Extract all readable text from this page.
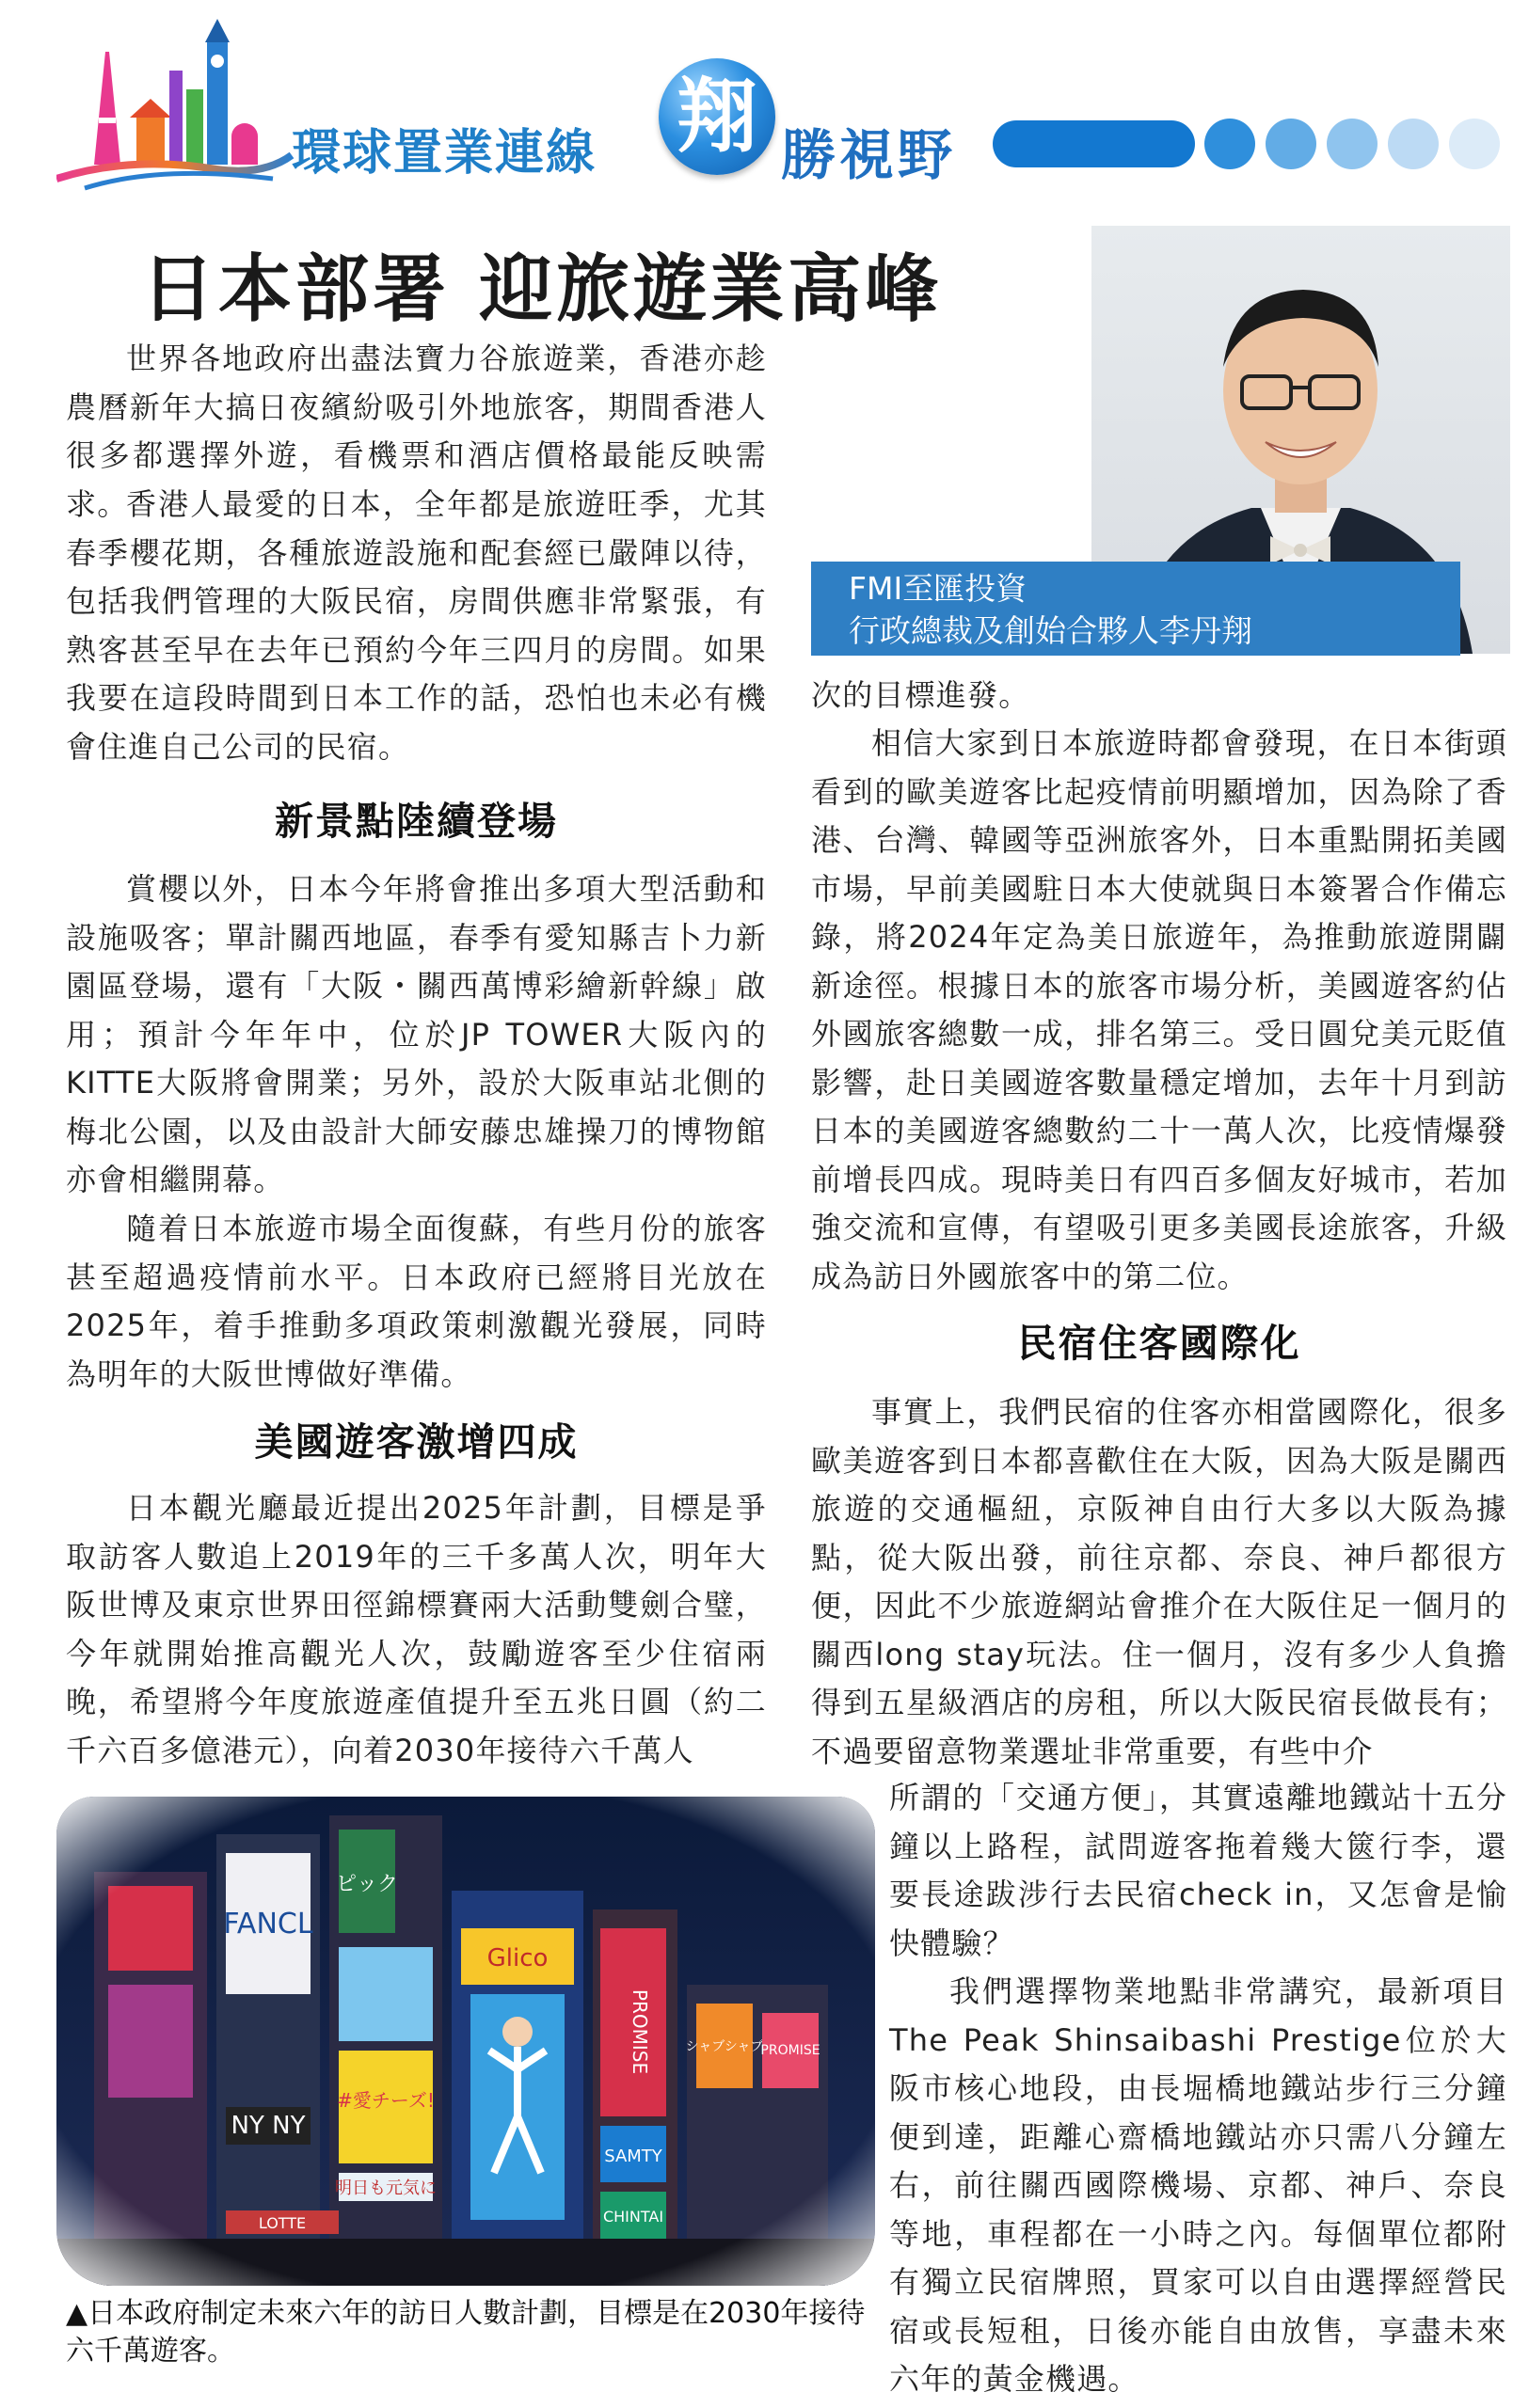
環球置業連線 翔 勝視野
日本部署 迎旅遊業高峰
FMI至匯投資
行政總裁及創始合夥人李丹翔
世界各地政府出盡法寶力谷旅遊業，香港亦趁農曆新年大搞日夜繽紛吸引外地旅客，期間香港人很多都選擇外遊，看機票和酒店價格最能反映需求。
香港人最愛的日本，全年都是旅遊旺季，尤其春季櫻花期，各種旅遊設施和配套經已嚴陣以待，包括我們管理的大阪民宿，房間供應非常緊張，有熟客甚至早在去年已預約今年三四月的房間。如果我要在這段時間到日本工作的話，恐怕也未必有機會住進自己公司的民宿。
新景點陸續登場
賞櫻以外，日本今年將會推出多項大型活動和設施吸客；單計關西地區，春季有愛知縣吉卜力新園區登場，還有「大阪・關西萬博彩繪新幹線」啟用；預計今年年中，位於JP TOWER大阪內的KITTE大阪將會開業；另外，設於大阪車站北側的梅北公園，以及由設計大師安藤忠雄操刀的博物館亦會相繼開幕。
隨着日本旅遊市場全面復蘇，有些月份的旅客甚至超過疫情前水平。日本政府已經將目光放在2025年，着手推動多項政策刺激觀光發展，同時為明年的大阪世博做好準備。
美國遊客激增四成
日本觀光廳最近提出2025年計劃，目標是爭取訪客人數追上2019年的三千多萬人次，明年大阪世博及東京世界田徑錦標賽兩大活動雙劍合璧，今年就開始推高觀光人次，鼓勵遊客至少住宿兩晚，希望將今年度旅遊產值提升至五兆日圓（約二千六百多億港元），向着2030年接待六千萬人
次的目標進發。
相信大家到日本旅遊時都會發現，在日本街頭看到的歐美遊客比起疫情前明顯增加，因為除了香港、台灣、韓國等亞洲旅客外，日本重點開拓美國市場，早前美國駐日本大使就與日本簽署合作備忘錄，將2024年定為美日旅遊年，為推動旅遊開闢新途徑。根據日本的旅客市場分析，美國遊客約佔外國旅客總數一成，排名第三。受日圓兌美元貶值影響，赴日美國遊客數量穩定增加，去年十月到訪日本的美國遊客總數約二十一萬人次，比疫情爆發前增長四成。現時美日有四百多個友好城市，若加強交流和宣傳，有望吸引更多美國長途旅客，升級成為訪日外國旅客中的第二位。
民宿住客國際化
事實上，我們民宿的住客亦相當國際化，很多歐美遊客到日本都喜歡住在大阪，因為大阪是關西旅遊的交通樞紐，京阪神自由行大多以大阪為據點，從大阪出發，前往京都、奈良、神戶都很方便，因此不少旅遊網站會推介在大阪住足一個月的關西long stay玩法。住一個月，沒有多少人負擔得到五星級酒店的房租，所以大阪民宿長做長有；不過要留意物業選址非常重要，有些中介
所謂的「交通方便」，其實遠離地鐵站十五分鐘以上路程，試問遊客拖着幾大篋行李，還要長途跋涉行去民宿check in，又怎會是愉快體驗？
我們選擇物業地點非常講究，最新項目The Peak Shinsaibashi Prestige位於大阪市核心地段，由長堀橋地鐵站步行三分鐘便到達，距離心齋橋地鐵站亦只需八分鐘左右，前往關西國際機場、京都、神戶、奈良等地，車程都在一小時之內。每個單位都附有獨立民宿牌照，買家可以自由選擇經營民宿或長短租，日後亦能自由放售，享盡未來六年的黃金機遇。
▲日本政府制定未來六年的訪日人數計劃，目標是在2030年接待六千萬遊客。
